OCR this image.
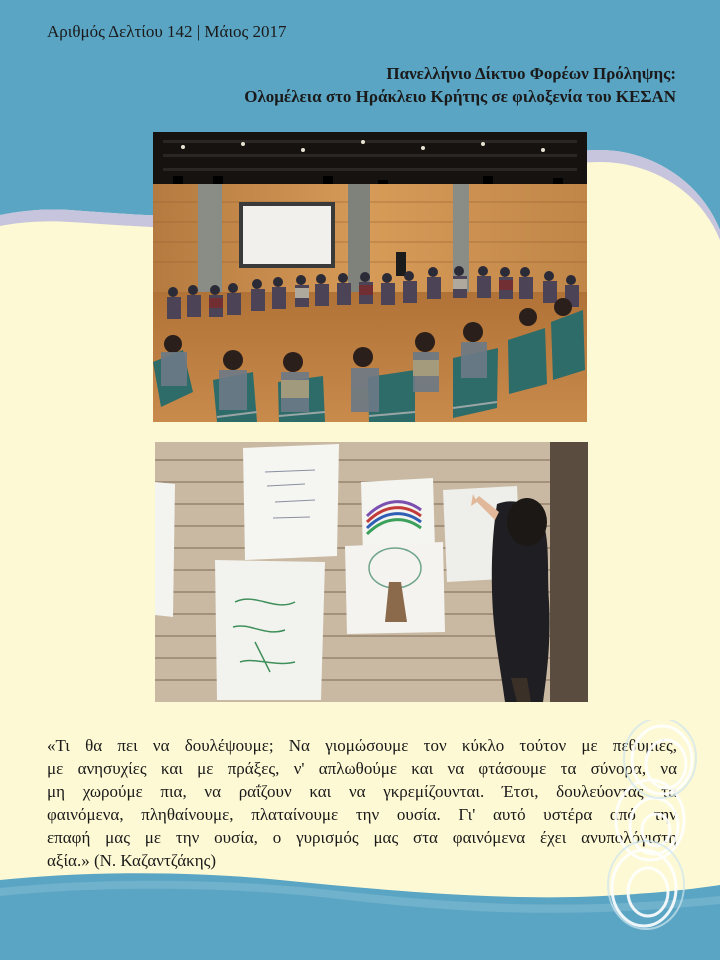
Αριθμός Δελτίου 142 | Μάιος 2017
Πανελλήνιο Δίκτυο Φορέων Πρόληψης:
Ολομέλεια στο Ηράκλειο Κρήτης σε φιλοξενία του ΚΕΣΑΝ
«Τι θα πει να δουλέψουμε; Να γιομώσουμε τον κύκλο τούτον με πεθυμιές,
με ανησυχίες και με πράξες, ν' απλωθούμε και να φτάσουμε τα σύνορα, να
μη χωρούμε πια, να ραΐζουν και να γκρεμίζουνται. Έτσι, δουλεύοντας τα
φαινόμενα, πληθαίνουμε, πλαταίνουμε την ουσία. Γι' αυτό υστέρα από την
επαφή μας με την ουσία, ο γυρισμός μας στα φαινόμενα έχει ανυπολόγιστη
αξία.» (Ν. Καζαντζάκης)
